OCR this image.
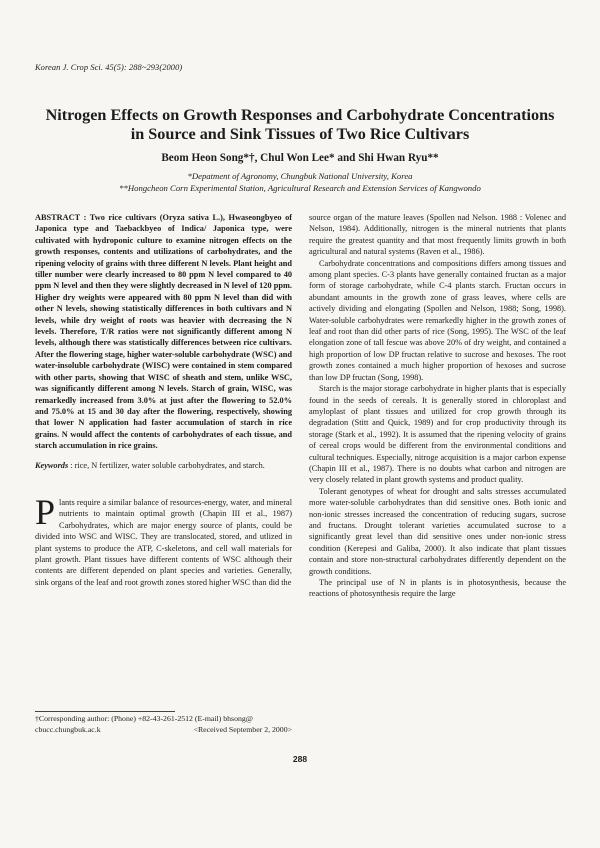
Korean J. Crop Sci. 45(5): 288~293(2000)
Nitrogen Effects on Growth Responses and Carbohydrate Concentrations
in Source and Sink Tissues of Two Rice Cultivars
Beom Heon Song*†, Chul Won Lee* and Shi Hwan Ryu**
*Depatment of Agronomy, Chungbuk National University, Korea
**Hongcheon Corn Experimental Station, Agricultural Research and Extension Services of Kangwondo

ABSTRACT : Two rice cultivars (Oryza sativa L.), Hwaseongbyeo of Japonica type and Taebackbyeo of Indica/ Japonica type, were cultivated with hydroponic culture to examine nitrogen effects on the growth responses, contents and utilizations of carbohydrates, and the ripening velocity of grains with three different N levels. Plant height and tiller number were clearly increased to 80 ppm N level compared to 40 ppm N level and then they were slightly decreased in N level of 120 ppm. Higher dry weights were appeared with 80 ppm N level than did with other N levels, showing statistically differences in both cultivars and N levels, while dry weight of roots was heavier with decreasing the N levels. Therefore, T/R ratios were not significantly different among N levels, although there was statistically differences between rice cultivars. After the flowering stage, higher water-soluble carbohydrate (WSC) and water-insoluble carbohydrate (WISC) were contained in stem compared with other parts, showing that WISC of sheath and stem, unlike WSC, was significantly different among N levels. Starch of grain, WISC, was remarkedly increased from 3.0% at just after the flowering to 52.0% and 75.0% at 15 and 30 day after the flowering, respectively, showing that lower N application had faster accumulation of starch in rice grains. N would affect the contents of carbohydrates of each tissue, and starch accumulation in rice grains.

Keywords : rice, N fertilizer, water soluble carbohydrates, and starch.

Plants require a similar balance of resources-energy, water, and mineral nutrients to maintain optimal growth (Chapin III et al., 1987) Carbohydrates, which are major energy source of plants, could be divided into WSC and WISC. They are translocated, stored, and utlized in plant systems to produce the ATP, C-skeletons, and cell wall materials for plant growth. Plant tissues have different contents of WSC although their contents are different depended on plant species and varieties. Generally, sink organs of the leaf and root growth zones stored higher WSC than did the

source organ of the mature leaves (Spollen nad Nelson. 1988 : Volenec and Nelson, 1984). Additionally, nitrogen is the mineral nutrients that plants require the greatest quantity and that most frequently limits growth in both agricultural and natural systems (Raven et al., 1986).

Carbohydrate concentrations and compositions differs among tissues and among plant species. C-3 plants have generally contained fructan as a major form of storage carbohydrate, while C-4 plants starch. Fructan occurs in abundant amounts in the growth zone of grass leaves, where cells are actively dividing and elongating (Spollen and Nelson, 1988; Song, 1998). Water-soluble carbohydrates were remarkedly higher in the growth zones of leaf and root than did other parts of rice (Song, 1995). The WSC of the leaf elongation zone of tall fescue was above 20% of dry weight, and contained a high proportion of low DP fructan relative to sucrose and hexoses. The root growth zones contained a much higher proportion of hexoses and sucrose than low DP fructan (Song, 1998).

Starch is the major storage carbohydrate in higher plants that is especially found in the seeds of cereals. It is generally stored in chloroplast and amyloplast of plant tissues and utilized for crop growth through its degradation (Stitt and Quick, 1989) and for crop productivity through its storage (Stark et al., 1992). It is assumed that the ripening velocity of grains of cereal crops would be different from the environmental conditions and cultural techniques. Especially, nitroge acquisition is a major carbon expense (Chapin III et al., 1987). There is no doubts what carbon and nitrogen are very closely related in plant growth systems and product quality.

Tolerant genotypes of wheat for drought and salts stresses accumulated more water-soluble carbohydrates than did sensitive ones. Both ionic and non-ionic stresses increased the concentration of reducing sugars, sucrose and fructans. Drought tolerant varieties accumulated sucrose to a significantly great level than did sensitive ones under non-ionic stress condition (Kerepesi and Galiba, 2000). It also indicate that plant tissues contain and store non-structural carbohydrates differently dependent on the growth conditions.

The principal use of N in plants is in photosynthesis, because the reactions of photosynthesis require the large

†Corresponding author: (Phone) +82-43-261-2512 (E-mail) bhsong@
cbucc.chungbuk.ac.k	<Received September 2, 2000>
288
